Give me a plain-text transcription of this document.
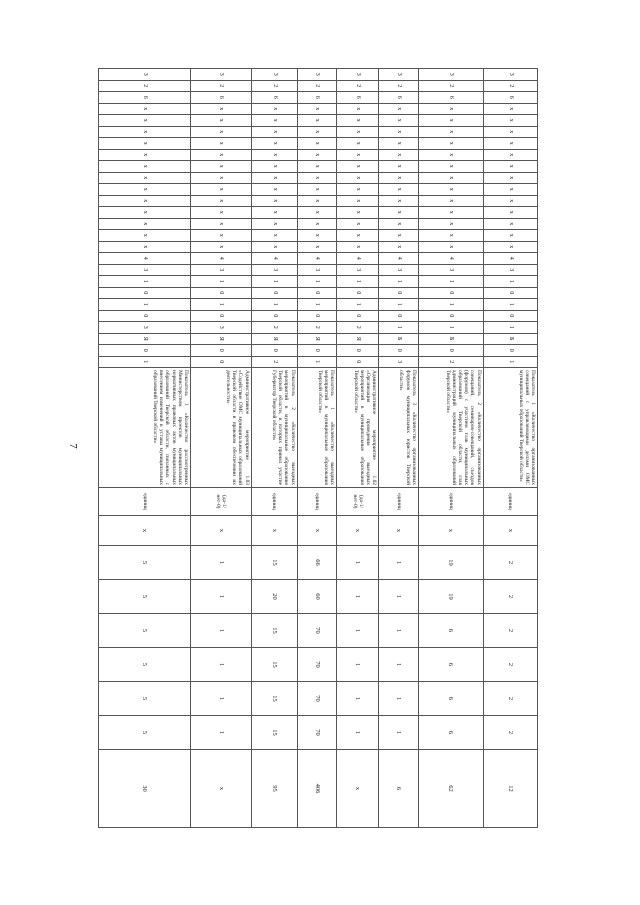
7
3	2	6	х	х	х	х	х	х	х	х	х	х	х	х	х	4	3	1	0	1	0	1	Б	0	1	Показатель 1 «Количество организованных совещаний с управляющими делами ОМС муниципальных образований Тверской области»	единиц	х	2	2	2	2	2	2	12
3	2	6	х	х	х	х	х	х	х	х	х	х	х	х	х	4	3	1	0	1	0	1	Б	0	2	Показатель 2 «Количество организованных совещаний, семинаров-совещаний, съездов (форумов) с участием глав муниципальных образований Тверской области, глав администраций муниципальных образований Тверской области»	единиц	х	19	19	6	6	6	6	62
3	2	6	х	х	х	х	х	х	х	х	х	х	х	х	х	4	3	1	0	1	0	1	Б	0	3	Показатель 3 «Количество организованных форумов муниципальных юристов Тверской области»	единиц	х	1	1	1	1	1	1	6
3	2	6	х	х	х	х	х	х	х	х	х	х	х	х	х	4	3	1	0	1	0	2	Я	0	0	Административное мероприятие 1.02 «Организация проведения выездных мероприятий в муниципальные образования Тверской области»	(да-1/ нет-0)	х	1	1	1	1	1	1	х
3	2	6	х	х	х	х	х	х	х	х	х	х	х	х	х	4	3	1	0	1	0	2	Я	0	1	Показатель 1 «Количество выездных мероприятий в муниципальные образования Тверской области»	единиц	х	66	60	70	70	70	70	406
3	2	6	х	х	х	х	х	х	х	х	х	х	х	х	х	4	3	1	0	1	0	2	Я	0	2	Показатель 2 «Количество выездных мероприятий в муниципальные образования Тверской области, в которых принял участие Губернатор Тверской области»	единиц	х	15	20	15	15	15	15	95
3	2	6	х	х	х	х	х	х	х	х	х	х	х	х	х	4	3	1	0	1	0	3	Я	0	0	Административное мероприятие 1.03 «Содействие ОМС муниципальных образований Тверской области в правовом обеспечении их деятельности»	(да-1/ нет-0)	х	1	1	1	1	1	1	х
3	2	6	х	х	х	х	х	х	х	х	х	х	х	х	х	4	3	1	0	1	0	3	Я	0	1	Показатель 1 «Количество рассмотренных Министерством проектов муниципальных нормативных правовых актов муниципальных образований Тверской области, связанных с внесением изменений в уставы муниципальных образований Тверской области»	единиц	х	5	5	5	5	5	5	30
